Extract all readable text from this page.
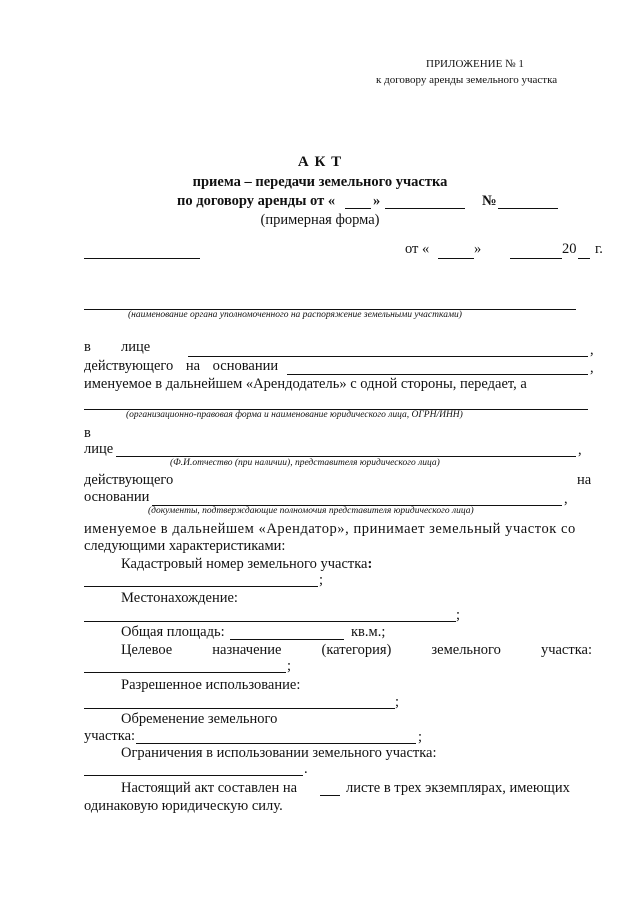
ПРИЛОЖЕНИЕ № 1
к договору аренды земельного участка
А К Т
приема – передачи земельного участка
по договору аренды от «	»	№
(примерная форма)
от «	»	20 г.
(наименование органа уполномоченного на распоряжение земельными участками)
в лице	,
действующего на основании	,
именуемое в дальнейшем «Арендодатель» с одной стороны, передает, а
(организационно-правовая форма и наименование юридического лица, ОГРН/ИНН)
в
лице	,
(Ф.И.отчество (при наличии), представителя юридического лица)
действующего	на
основании	,
(документы, подтверждающие полномочия представителя юридического лица)
именуемое в дальнейшем «Арендатор», принимает земельный участок со
следующими характеристиками:
Кадастровый номер земельного участка:
;
Местонахождение:
;
Общая площадь:	кв.м.;
Целевое	назначение	(категория)	земельного	участка:
;
Разрешенное использование:
;
Обременение земельного
участка:	;
Ограничения в использовании земельного участка:
.
Настоящий акт составлен на	листе в трех экземплярах, имеющих
одинаковую юридическую силу.
